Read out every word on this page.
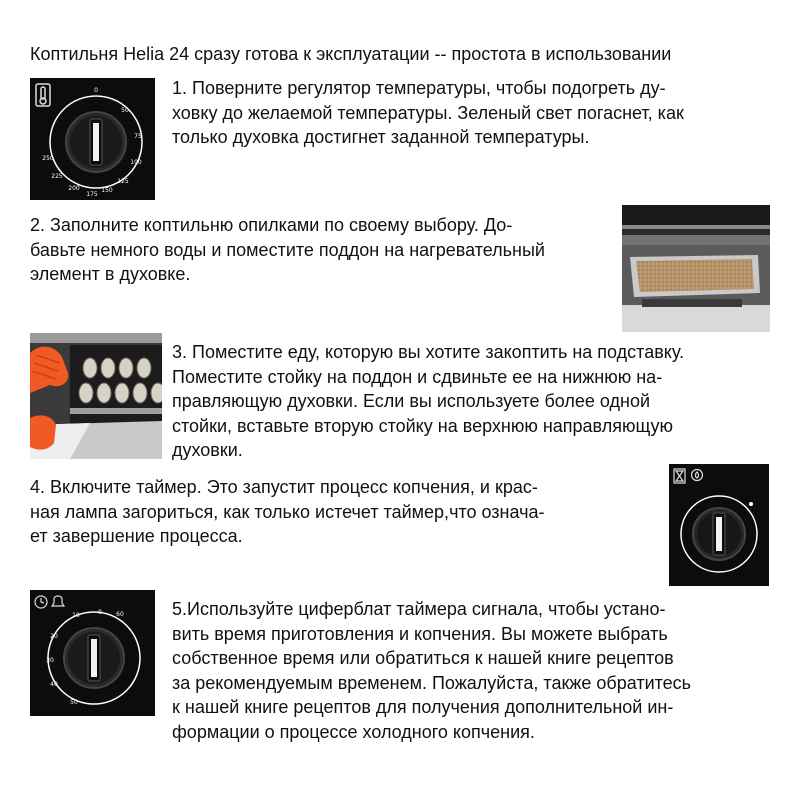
Коптильня Helia 24 сразу готова к эксплуатации -- простота в использовании
0
50
75
100
125
150
175
200
225
250
1. Поверните регулятор температуры, чтобы подогреть ду-
ховку до желаемой температуры. Зеленый свет погаснет, как
только духовка достигнет заданной температуры.
2. Заполните коптильню опилками по своему выбору. До-
бавьте немного воды и поместите поддон на нагревательный
элемент в духовке.
3. Поместите еду, которую вы хотите закоптить на подставку.
Поместите стойку на поддон и сдвиньте ее на нижнюю на-
правляющую духовки. Если вы используете более одной
стойки, вставьте вторую стойку на верхнюю направляющую
духовки.
4. Включите таймер. Это запустит процесс копчения, и крас-
ная лампа загориться, как только истечет таймер,что означа-
ет завершение процесса.
0
10
20
30
40
50
60	5.Используйте циферблат таймера сигнала, чтобы устано-
вить время приготовления и копчения. Вы можете выбрать
собственное время или обратиться к нашей книге рецептов
за рекомендуемым временем. Пожалуйста, также обратитесь
к нашей книге рецептов для получения дополнительной ин-
формации о процессе холодного копчения.
